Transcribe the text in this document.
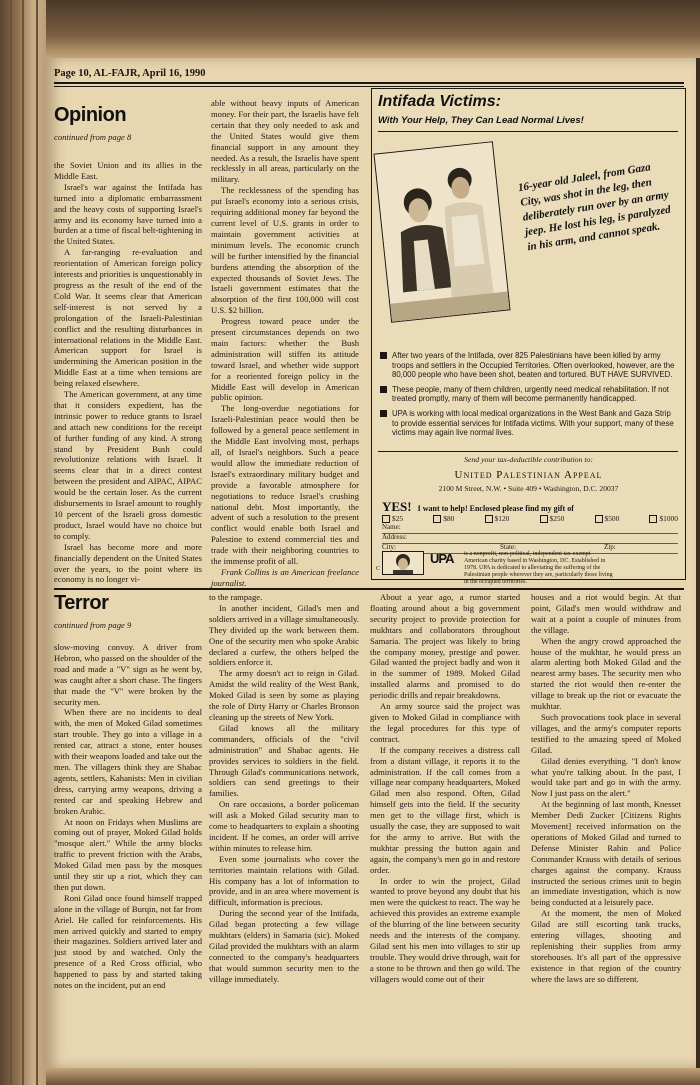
Page 10, AL-FAJR, April 16, 1990
Opinion
continued from page 8

the Soviet Union and its allies in the Middle East.

Israel's war against the Intifada has turned into a diplomatic embarrassment and the heavy costs of supporting Israel's army and its economy have turned into a burden at a time of fiscal belt-tightening in the United States.

A far-ranging re-evaluation and reorientation of American foreign policy interests and priorities is unquestionably in progress as the result of the end of the Cold War. It seems clear that American self-interest is not served by a prolongation of the Israeli-Palestinian conflict and the resulting disturbances in international relations in the Middle East. American support for Israel is undermining the American position in the Middle East at a time when tensions are being relaxed elsewhere.

The American government, at any time that it considers expedient, has the intrinsic power to reduce grants to Israel and attach new conditions for the receipt of further funding of any kind. A strong stand by President Bush could revolutionize relations with Israel. It seems clear that in a direct contest between the president and AIPAC, AIPAC would be the certain loser. As the current disbursements to Israel amount to roughly 10 percent of the Israeli gross domestic product, Israel would have no choice but to comply.

Israel has become more and more financially dependent on the United States over the years, to the point where its economy is no longer vi-

able without heavy inputs of American money. For their part, the Israelis have felt certain that they only needed to ask and the United States would give them financial support in any amount they needed. As a result, the Israelis have spent recklessly in all areas, particularly on the military.

The recklessness of the spending has put Israel's economy into a serious crisis, requiring additional money far beyond the current level of U.S. grants in order to maintain government activities at minimum levels. The economic crunch will be further intensified by the financial burdens attending the absorption of the expected thousands of Soviet Jews. The Israeli government estimates that the absorption of the first 100,000 will cost U.S. $2 billion.

Progress toward peace under the present circumstances depends on two main factors: whether the Bush administration will stiffen its attitude toward Israel, and whether wide support for a reoriented foreign policy in the Middle East will develop in American public opinion.

The long-overdue negotiations for Israeli-Palestinian peace would then be followed by a general peace settlement in the Middle East involving most, perhaps all, of Israel's neighbors. Such a peace would allow the immediate reduction of Israel's extraordinary military budget and provide a favorable atmosphere for negotiations to reduce Israel's crushing national debt. Most importantly, the advent of such a resolution to the present conflict would enable both Israel and Palestine to extend commercial ties and trade with their neighboring countries to the immense profit of all.

Frank Collins is an American freelance journalist.

Intifada Victims:
With Your Help, They Can Lead Normal Lives!
16-year old Jaleel, from Gaza City, was shot in the leg, then deliberately run over by an army jeep. He lost his leg, is paralyzed in his arm, and cannot speak.
After two years of the Intifada, over 825 Palestinians have been killed by army troops and settlers in the Occupied Territories. Often overlooked, however, are the 80,000 people who have been shot, beaten and tortured. BUT HAVE SURVIVED.
These people, many of them children, urgently need medical rehabilitation. If not treated promptly, many of them will become permanently handicapped.
UPA is working with local medical organizations in the West Bank and Gaza Strip to provide essential services for Intifada victims. With your support, many of these victims may again live normal lives.
Send your tax-deductible contribution to:
United Palestinian Appeal
2100 M Street, N.W. • Suite 409 • Washington, D.C. 20037
YES! I want to help! Enclosed please find my gift of
$25	$80	$120	$250	$500	$1000
Name:
Address:
City:	State:	Zip:
UPA is a nonprofit, non-political, independent tax-exempt American charity based in Washington, DC. Established in 1978. UPA is dedicated to alleviating the suffering of the Palestinian people wherever they are, particularly those living in the occupied territories.
C
Terror
continued from page 9

slow-moving convoy. A driver from Hebron, who passed on the shoulder of the road and made a "V" sign as he went by, was caught after a short chase. The fingers that made the "V" were broken by the security men.

When there are no incidents to deal with, the men of Moked Gilad sometimes start trouble. They go into a village in a rented car, attract a stone, enter houses with their weapons loaded and take out the men. The villagers think they are Shabac agents, settlers, Kahanists: Men in civilian dress, carrying army weapons, driving a rented car and speaking Hebrew and broken Arabic.

At noon on Fridays when Muslims are coming out of prayer, Moked Gilad holds "mosque alert." While the army blocks traffic to prevent friction with the Arabs, Moked Gilad men pass by the mosques until they stir up a riot, which they can then put down.

Roni Gilad once found himself trapped alone in the village of Burqin, not far from Ariel. He called for reinforcements. His men arrived quickly and started to empty their magazines. Soldiers arrived later and just stood by and watched. Only the presence of a Red Cross official, who happened to pass by and started taking notes on the incident, put an end

to the rampage.

In another incident, Gilad's men and soldiers arrived in a village simultaneously. They divided up the work between them. One of the security men who spoke Arabic declared a curfew, the others helped the soldiers enforce it.

The army doesn't act to reign in Gilad. Amidst the wild reality of the West Bank, Moked Gilad is seen by some as playing the role of Dirty Harry or Charles Bronson cleaning up the streets of New York.

Gilad knows all the military commanders, officials of the "civil administration" and Shabac agents. He provides services to soldiers in the field. Through Gilad's communications network, soldiers can send greetings to their families.

On rare occasions, a border policeman will ask a Moked Gilad security man to come to headquarters to explain a shooting incident. If he comes, an order will arrive within minutes to release him.

Even some journalists who cover the territories maintain relations with Gilad. His company has a lot of information to provide, and in an area where movement is difficult, information is precious.

During the second year of the Intifada, Gilad began protecting a few village mukhtars (elders) in Samaria (sic). Moked Gilad provided the mukhtars with an alarm connected to the company's headquarters that would summon security men to the village immediately.

About a year ago, a rumor started floating around about a big government security project to provide protection for mukhtars and collaborators throughout Samaria. The project was likely to bring the company money, prestige and power. Gilad wanted the project badly and won it in the summer of 1989. Moked Gilad installed alarms and promised to do periodic drills and repair breakdowns.

An army source said the project was given to Moked Gilad in compliance with the legal procedures for this type of contract.

If the company receives a distress call from a distant village, it reports it to the administration. If the call comes from a village near company headquarters, Moked Gilad men also respond. Often, Gilad himself gets into the field. If the security men get to the village first, which is usually the case, they are supposed to wait for the army to arrive. But with the mukhtar pressing the button again and again, the company's men go in and restore order.

In order to win the project, Gilad wanted to prove beyond any doubt that his men were the quickest to react. The way he achieved this provides an extreme example of the blurring of the line between security needs and the interests of the company. Gilad sent his men into villages to stir up trouble. They would drive through, wait for a stone to be thrown and then go wild. The villagers would come out of their

houses and a riot would begin. At that point, Gilad's men would withdraw and wait at a point a couple of minutes from the village.

When the angry crowd approached the house of the mukhtar, he would press an alarm alerting both Moked Gilad and the nearest army bases. The security men who started the riot would then re-enter the village to break up the riot or evacuate the mukhtar.

Such provocations took place in several villages, and the army's computer reports testified to the amazing speed of Moked Gilad.

Gilad denies everything. "I don't know what you're talking about. In the past, I would take part and go in with the army. Now I just pass on the alert."

At the beginning of last month, Knesset Member Dedi Zucker [Citizens Rights Movement] received information on the operations of Moked Gilad and turned to Defense Minister Rabin and Police Commander Krauss with details of serious charges against the company. Krauss instructed the serious crimes unit to begin an immediate investigation, which is now being conducted at a leisurely pace.

At the moment, the men of Moked Gilad are still escorting tank trucks, entering villages, shooting and replenishing their supplies from army storehouses. It's all part of the oppressive existence in that region of the country where the laws are so different.
